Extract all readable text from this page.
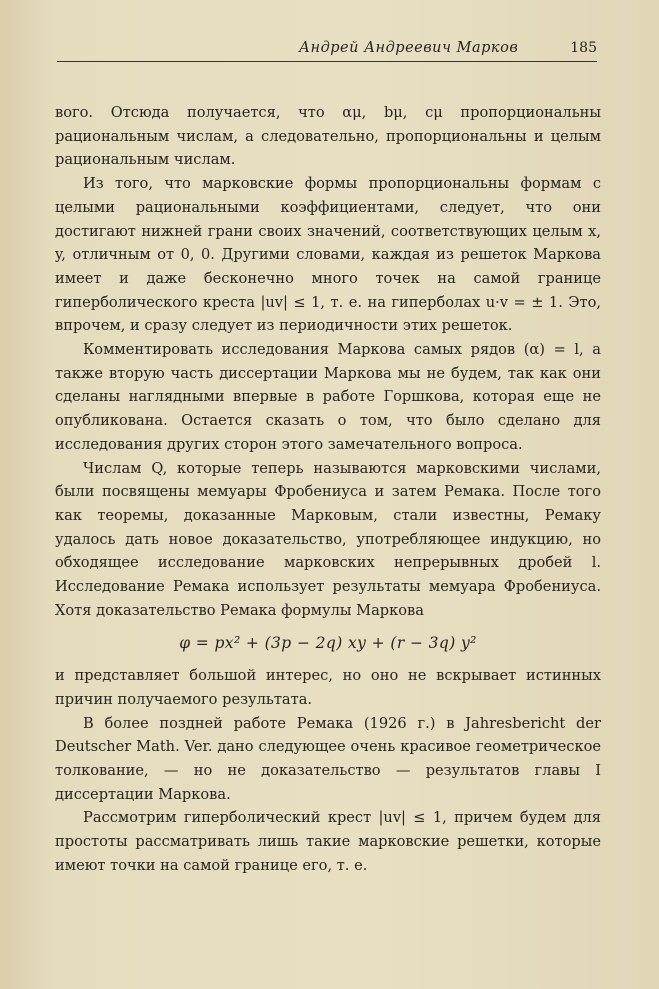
Андрей Андреевич Марков	185

вого. Отсюда получается, что αμ, bμ, cμ пропорциональны рациональным числам, а следовательно, пропорциональны и целым рациональным числам.

Из того, что марковские формы пропорциональны формам с целыми рациональными коэффициентами, следует, что они достигают нижней грани своих значений, соответствующих целым x, y, отличным от 0, 0. Другими словами, каждая из решеток Маркова имеет и даже бесконечно много точек на самой границе гиперболического креста |uv| ≤ 1, т. е. на гиперболах u·v = ± 1. Это, впрочем, и сразу следует из периодичности этих решеток.

Комментировать исследования Маркова самых рядов (α) = l, а также вторую часть диссертации Маркова мы не будем, так как они сделаны наглядными впервые в работе Горшкова, которая еще не опубликована. Остается сказать о том, что было сделано для исследования других сторон этого замечательного вопроса.

Числам Q, которые теперь называются марковскими числами, были посвящены мемуары Фробениуса и затем Ремака. После того как теоремы, доказанные Марковым, стали известны, Ремаку удалось дать новое доказательство, употребляющее индукцию, но обходящее исследование марковских непрерывных дробей l. Исследование Ремака использует результаты мемуара Фробениуса. Хотя доказательство Ремака формулы Маркова

φ = px² + (3p − 2q) xy + (r − 3q) y²

и представляет большой интерес, но оно не вскрывает истинных причин получаемого результата.

В более поздней работе Ремака (1926 г.) в Jahresbericht der Deutscher Math. Ver. дано следующее очень красивое геометрическое толкование, — но не доказательство — результатов главы I диссертации Маркова.

Рассмотрим гиперболический крест |uv| ≤ 1, причем будем для простоты рассматривать лишь такие марковские решетки, которые имеют точки на самой границе его, т. е.
